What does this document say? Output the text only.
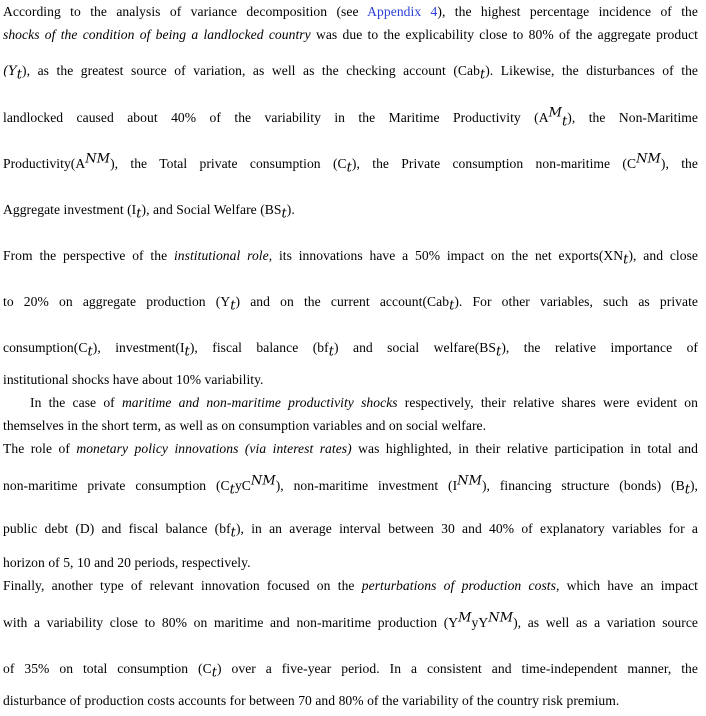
According to the analysis of variance decomposition (see Appendix 4), the highest percentage incidence of the
shocks of the condition of being a landlocked country was due to the explicability close to 80% of the aggregate product
$(Y_t)$, as the greatest source of variation, as well as the checking account (Cab$_t$). Likewise, the disturbances of the
landlocked caused about 40% of the variability in the Maritime Productivity $(A^M_t)$, the Non-Maritime
$Productivity(A^{NM})$, the Total private consumption $(C_t)$, the Private consumption non-maritime $(C^{NM})$, the
Aggregate investment $(I_t)$, and Social Welfare $(BS_t)$.
From the perspective of the institutional role, its innovations have a 50% impact on the net $exports(XN_t)$, and close
to 20% on aggregate production $(Y_t)$ and on the current account(Cab$_t$). For other variables, such as private
$consumption(C_t)$, $investment(I_t)$, fiscal balance $(bf_t)$ and social $welfare(BS_t)$, the relative importance of
institutional shocks have about 10% variability.
In the case of maritime and non-maritime productivity shocks respectively, their relative shares were evident on
themselves in the short term, as well as on consumption variables and on social welfare.
The role of monetary policy innovations (via interest rates) was highlighted, in their relative participation in total and
non-maritime private consumption $(C_tyC^{NM})$, non-maritime investment $(I^{NM})$, financing structure (bonds) $(B_t)$,
public debt (D) and fiscal balance $(bf_t)$, in an average interval between 30 and 40% of explanatory variables for a
horizon of 5, 10 and 20 periods, respectively.
Finally, another type of relevant innovation focused on the perturbations of production costs, which have an impact
with a variability close to 80% on maritime and non-maritime production $(Y^MyY^{NM})$, as well as a variation source
of 35% on total consumption $(C_t)$ over a five-year period. In a consistent and time-independent manner, the
disturbance of production costs accounts for between 70 and 80% of the variability of the country risk premium.
